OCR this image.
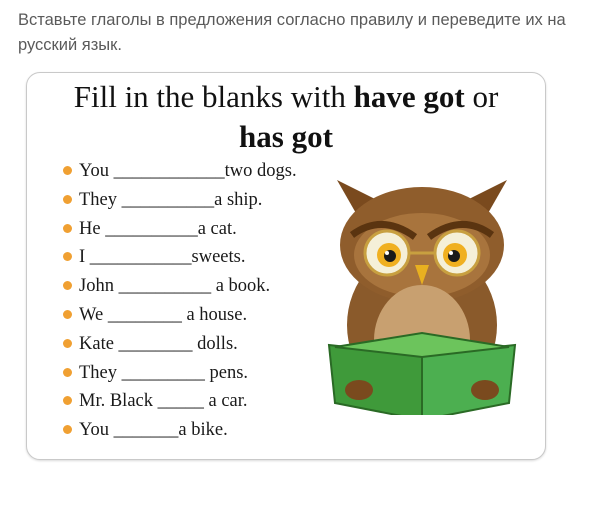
Вставьте глаголы в предложения согласно правилу и переведите их на
русский язык.
Fill in the blanks with have got or
has got
You ____________two dogs.
They __________a ship.
He __________a cat.
I ___________sweets.
John __________ a book.
We ________ a house.
Kate ________ dolls.
They _________ pens.
Mr. Black _____ a car.
You _______a bike.
